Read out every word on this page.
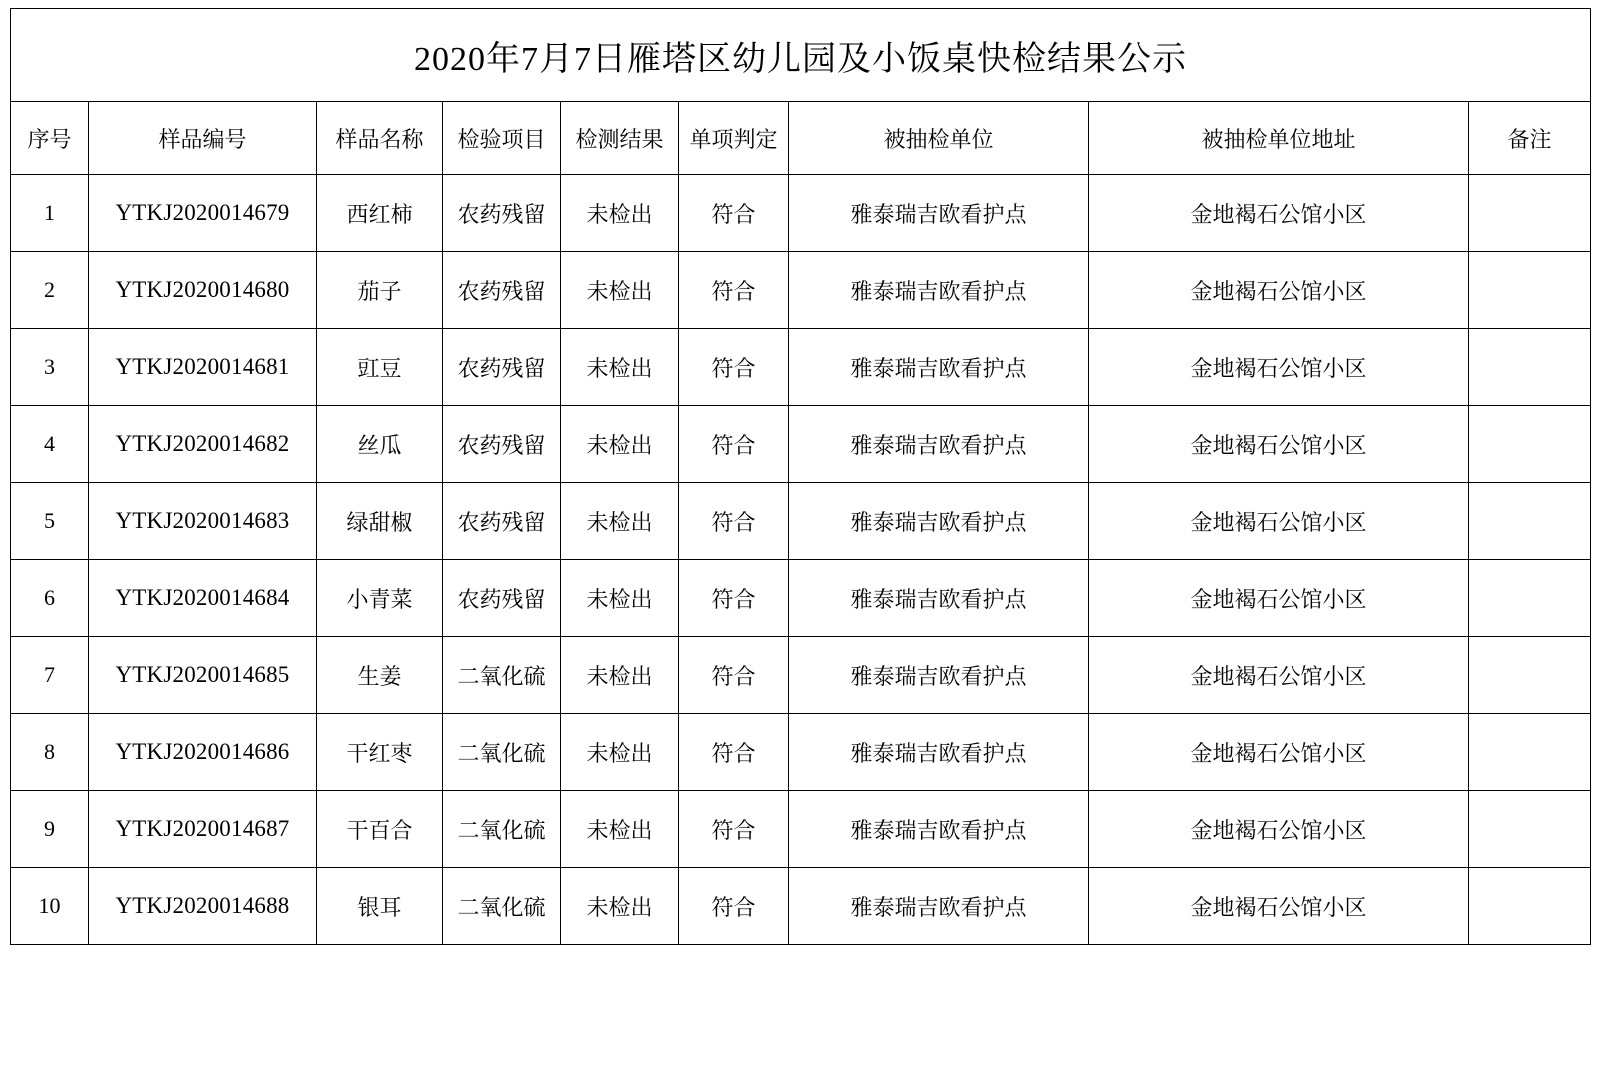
2020年7月7日雁塔区幼儿园及小饭桌快检结果公示								
序号	样品编号	样品名称	检验项目	检测结果	单项判定	被抽检单位	被抽检单位地址	备注
1	YTKJ2020014679	西红柿	农药残留	未检出	符合	雅泰瑞吉欧看护点	金地褐石公馆小区	
2	YTKJ2020014680	茄子	农药残留	未检出	符合	雅泰瑞吉欧看护点	金地褐石公馆小区	
3	YTKJ2020014681	豇豆	农药残留	未检出	符合	雅泰瑞吉欧看护点	金地褐石公馆小区	
4	YTKJ2020014682	丝瓜	农药残留	未检出	符合	雅泰瑞吉欧看护点	金地褐石公馆小区	
5	YTKJ2020014683	绿甜椒	农药残留	未检出	符合	雅泰瑞吉欧看护点	金地褐石公馆小区	
6	YTKJ2020014684	小青菜	农药残留	未检出	符合	雅泰瑞吉欧看护点	金地褐石公馆小区	
7	YTKJ2020014685	生姜	二氧化硫	未检出	符合	雅泰瑞吉欧看护点	金地褐石公馆小区	
8	YTKJ2020014686	干红枣	二氧化硫	未检出	符合	雅泰瑞吉欧看护点	金地褐石公馆小区	
9	YTKJ2020014687	干百合	二氧化硫	未检出	符合	雅泰瑞吉欧看护点	金地褐石公馆小区	
10	YTKJ2020014688	银耳	二氧化硫	未检出	符合	雅泰瑞吉欧看护点	金地褐石公馆小区	
